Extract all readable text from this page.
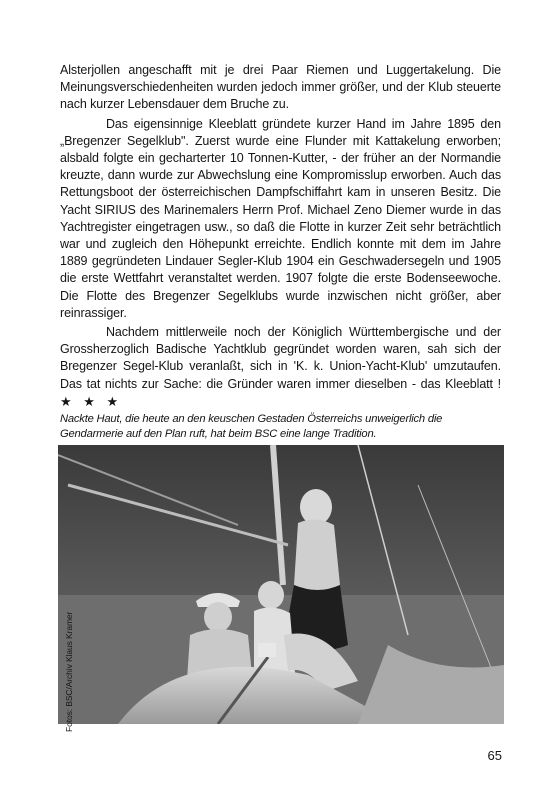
Alsterjollen angeschafft mit je drei Paar Riemen und Luggertakelung. Die Meinungsverschiedenheiten wurden jedoch immer größer, und der Klub steuerte nach kurzer Lebensdauer dem Bruche zu.

Das eigensinnige Kleeblatt gründete kurzer Hand im Jahre 1895 den „Bregenzer Segelklub". Zuerst wurde eine Flunder mit Kattakelung erworben; alsbald folgte ein gecharterter 10 Tonnen-Kutter, - der früher an der Normandie kreuzte, dann wurde zur Abwechslung eine Kompromisslup erworben. Auch das Rettungsboot der österreichischen Dampfschiffahrt kam in unseren Besitz. Die Yacht SIRIUS des Marinemalers Herrn Prof. Michael Zeno Diemer wurde in das Yachtregister eingetragen usw., so daß die Flotte in kurzer Zeit sehr beträchtlich war und zugleich den Höhepunkt erreichte. Endlich konnte mit dem im Jahre 1889 gegründeten Lindauer Segler-Klub 1904 ein Geschwadersegeln und 1905 die erste Wettfahrt veranstaltet werden. 1907 folgte die erste Bodenseewoche. Die Flotte des Bregenzer Segelklubs wurde inzwischen nicht größer, aber reinrassiger.

Nachdem mittlerweile noch der Königlich Württembergische und der Grossherzoglich Badische Yachtklub gegründet worden waren, sah sich der Bregenzer Segel-Klub veranlaßt, sich in 'K. k. Union-Yacht-Klub' umzutaufen. Das tat nichts zur Sache: die Gründer waren immer dieselben - das Kleeblatt ! ★ ★ ★

Nackte Haut, die heute an den keuschen Gestaden Österreichs unweigerlich die Gendarmerie auf den Plan ruft, hat beim BSC eine lange Tradition.

Fotos: BSC/Archiv Klaus Kramer
65
